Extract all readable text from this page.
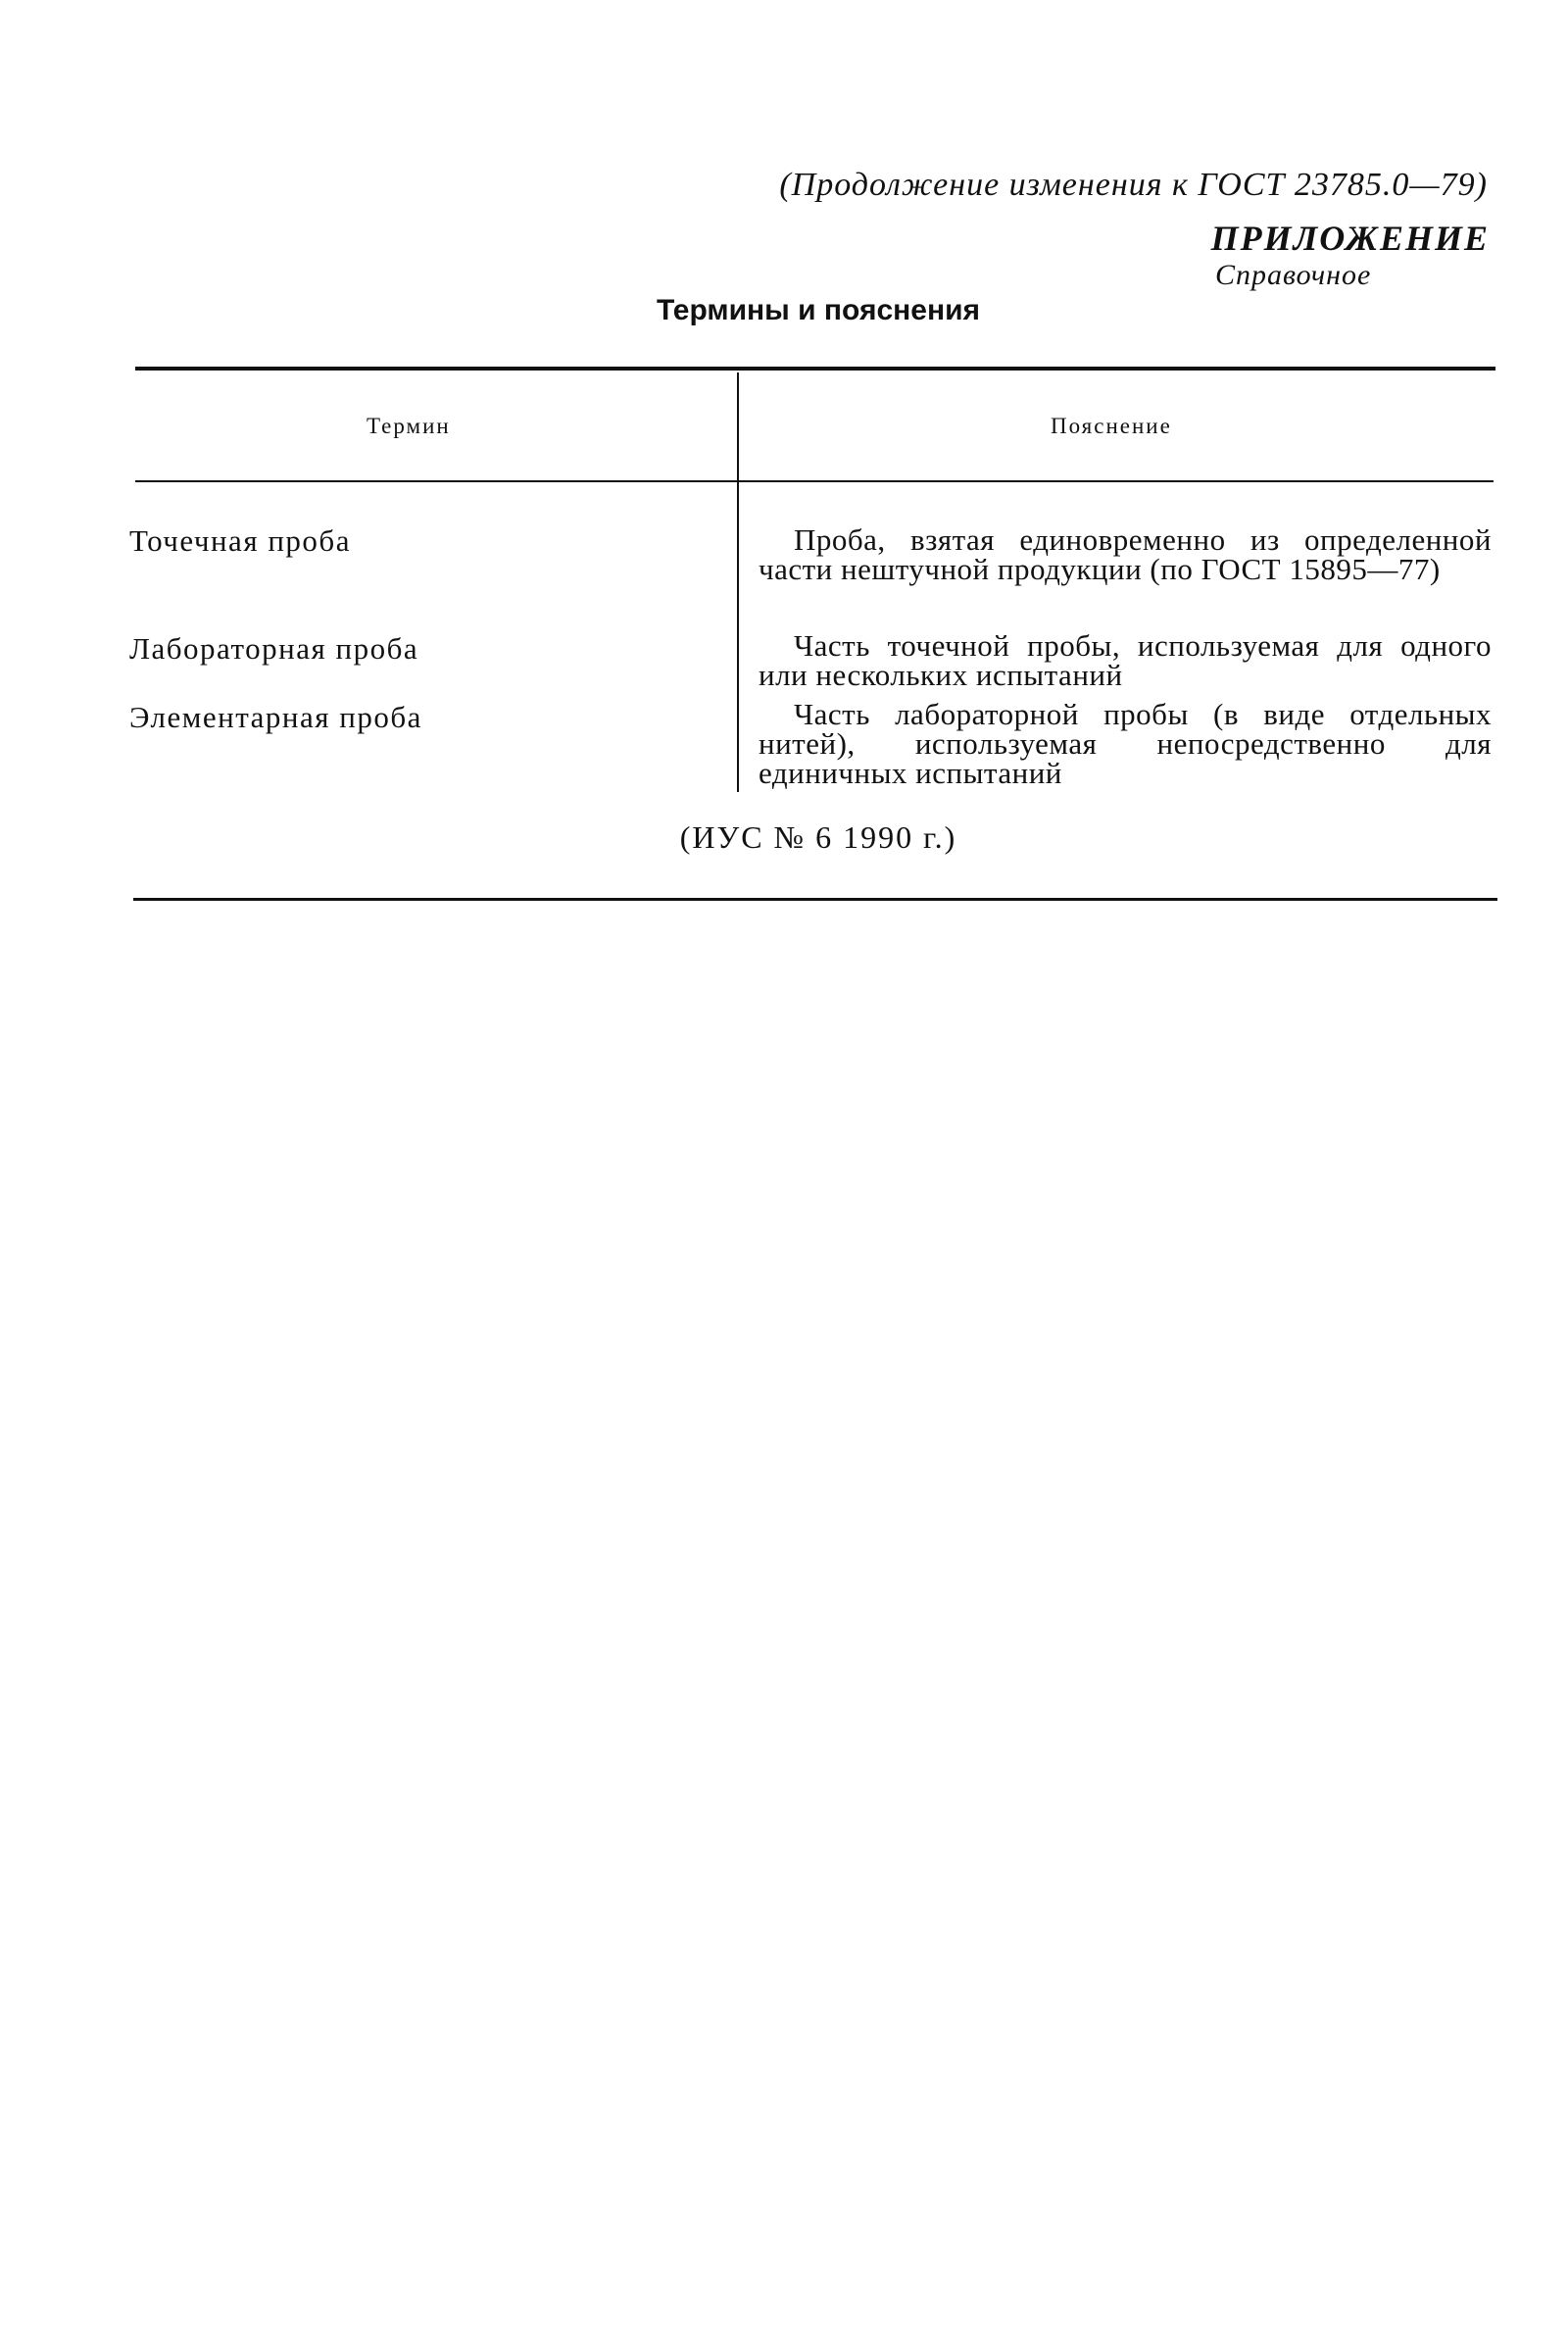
(Продолжение изменения к ГОСТ 23785.0—79)
ПРИЛОЖЕНИЕ
Справочное
Термины и пояснения
Термин	Пояснение
Точечная проба	Проба, взятая единовременно из определенной части нештучной продукции (по ГОСТ 15895—77)
Лабораторная проба	Часть точечной пробы, используемая для одного или нескольких испытаний
Элементарная проба	Часть лабораторной пробы (в виде отдельных нитей), используемая непосредственно для единичных испытаний
(ИУС № 6 1990 г.)
